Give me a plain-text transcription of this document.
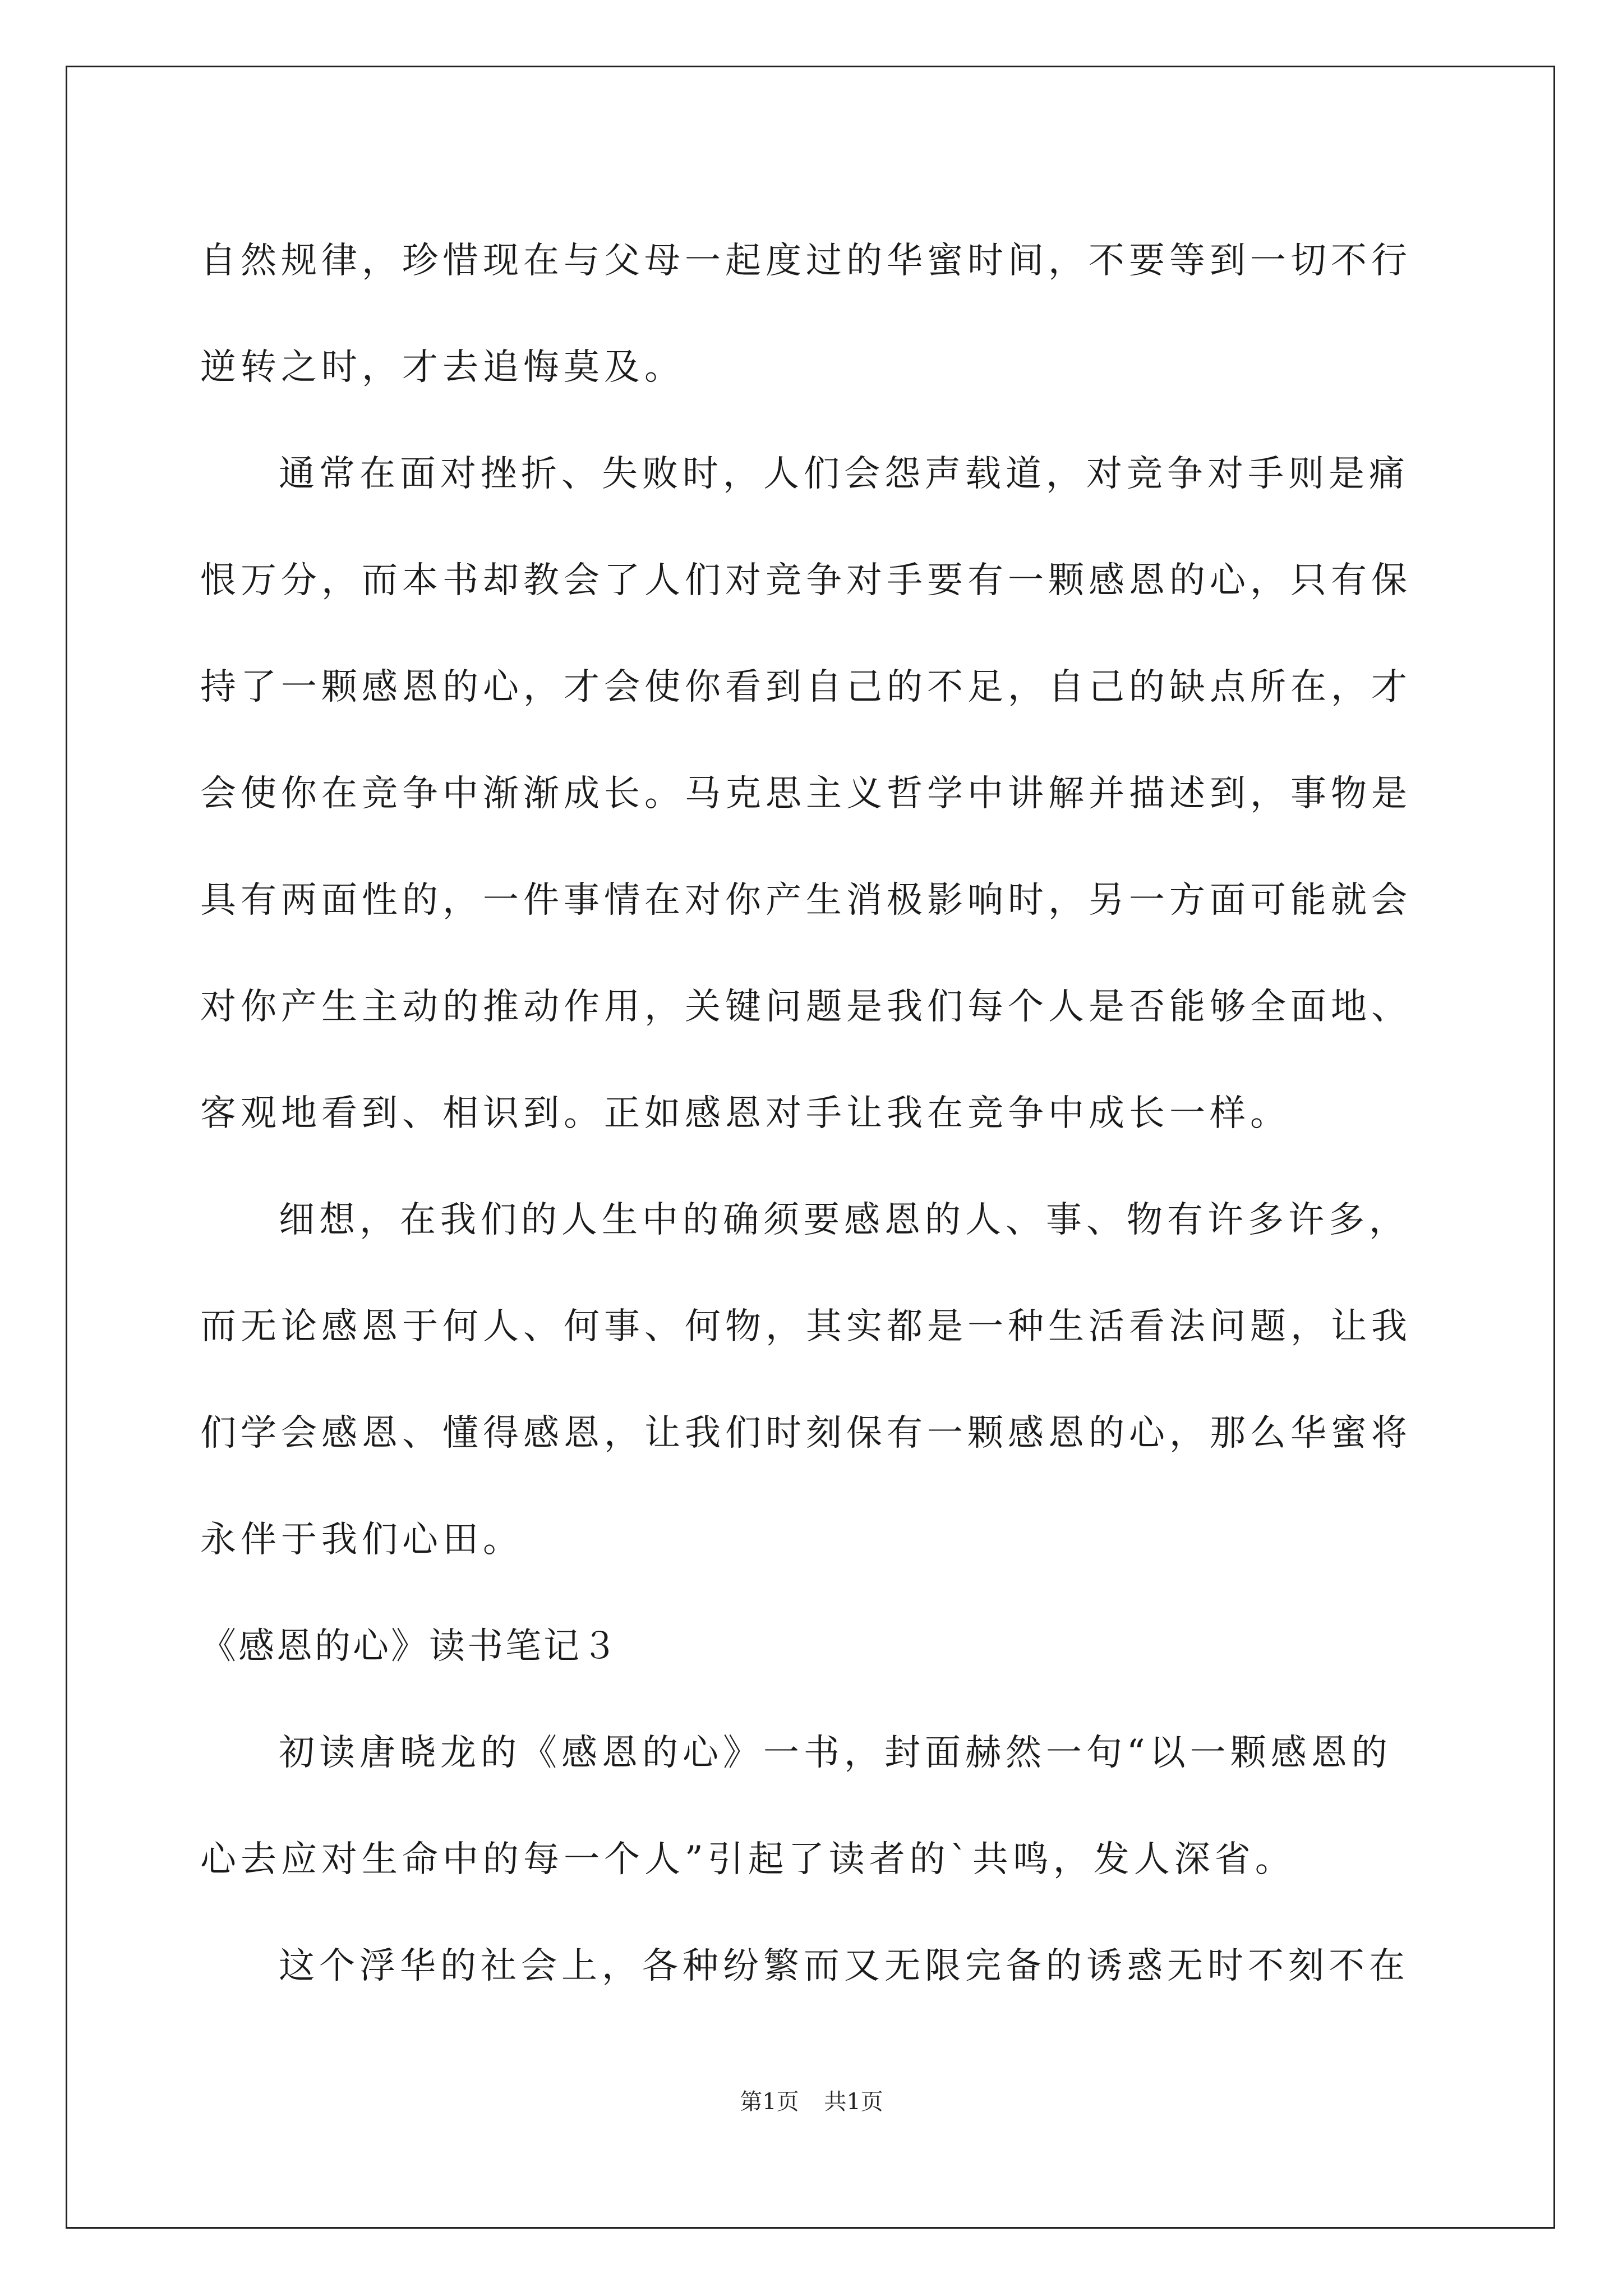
自然规律，珍惜现在与父母一起度过的华蜜时间，不要等到一切不行
逆转之时，才去追悔莫及。
通常在面对挫折、失败时，人们会怨声载道，对竞争对手则是痛
恨万分，而本书却教会了人们对竞争对手要有一颗感恩的心，只有保
持了一颗感恩的心，才会使你看到自己的不足，自己的缺点所在，才
会使你在竞争中渐渐成长。马克思主义哲学中讲解并描述到，事物是
具有两面性的，一件事情在对你产生消极影响时，另一方面可能就会
对你产生主动的推动作用，关键问题是我们每个人是否能够全面地、
客观地看到、相识到。正如感恩对手让我在竞争中成长一样。
细想，在我们的人生中的确须要感恩的人、事、物有许多许多，
而无论感恩于何人、何事、何物，其实都是一种生活看法问题，让我
们学会感恩、懂得感恩，让我们时刻保有一颗感恩的心，那么华蜜将
永伴于我们心田。
《感恩的心》读书笔记３
初读唐晓龙的《感恩的心》一书，封面赫然一句“以一颗感恩的
心去应对生命中的每一个人”引起了读者的`共鸣，发人深省。
这个浮华的社会上，各种纷繁而又无限完备的诱惑无时不刻不在
第1页 共1页
